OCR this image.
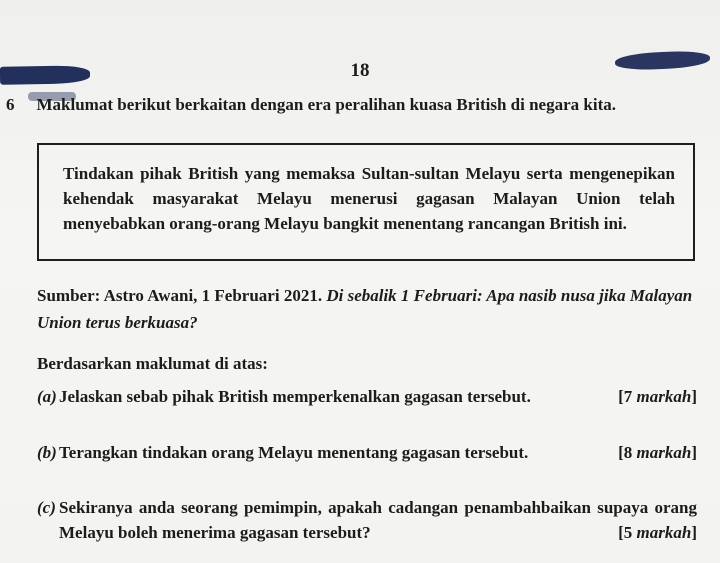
18
6 Maklumat berikut berkaitan dengan era peralihan kuasa British di negara kita.

Tindakan pihak British yang memaksa Sultan-sultan Melayu serta mengenepikan kehendak masyarakat Melayu menerusi gagasan Malayan Union telah menyebabkan orang-orang Melayu bangkit menentang rancangan British ini.

Sumber: Astro Awani, 1 Februari 2021. Di sebalik 1 Februari: Apa nasib nusa jika Malayan Union terus berkuasa?
Berdasarkan maklumat di atas:
(a) Jelaskan sebab pihak British memperkenalkan gagasan tersebut.	[7 markah]
(b) Terangkan tindakan orang Melayu menentang gagasan tersebut.	[8 markah]
(c) Sekiranya anda seorang pemimpin, apakah cadangan penambahbaikan supaya orang Melayu boleh menerima gagasan tersebut?	[5 markah]
